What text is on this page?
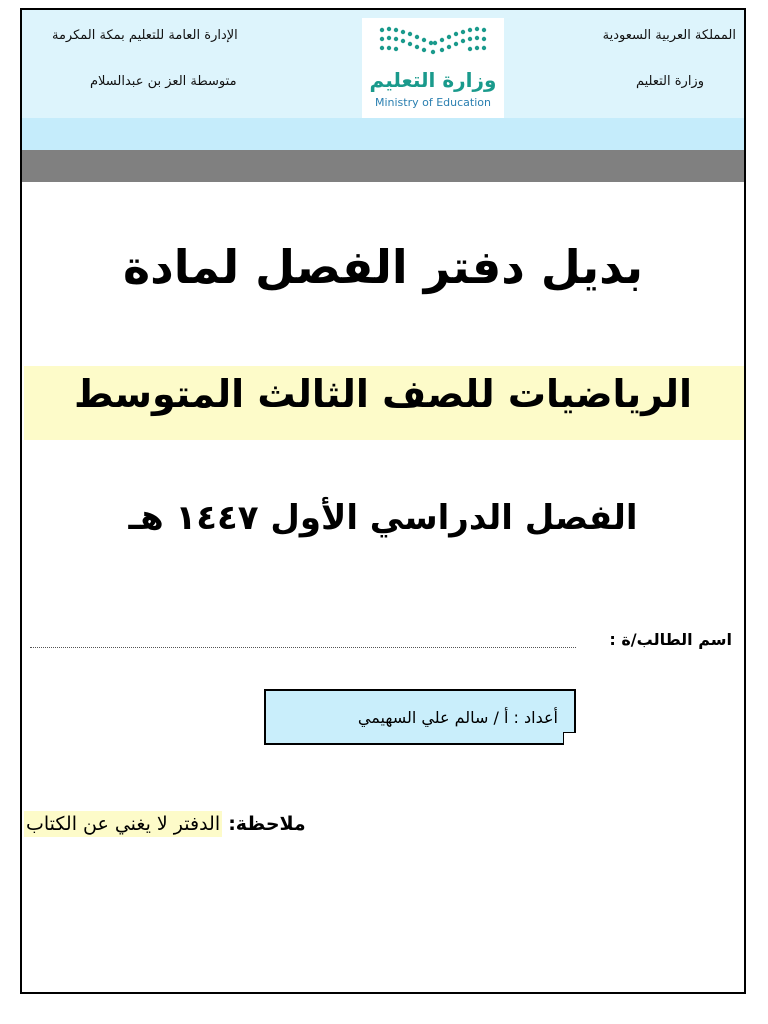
المملكة العربية السعودية
وزارة التعليم
الإدارة العامة للتعليم بمكة المكرمة
متوسطة العز بن عبدالسلام	وزارة التعليم
Ministry of Education
بديل دفتر الفصل لمادة
الرياضيات للصف الثالث المتوسط
الفصل الدراسي الأول ١٤٤٧ هـ
اسم الطالب/ة :
أعداد : أ / سالم علي السهيمي
ملاحظة: الدفتر لا يغني عن الكتاب
